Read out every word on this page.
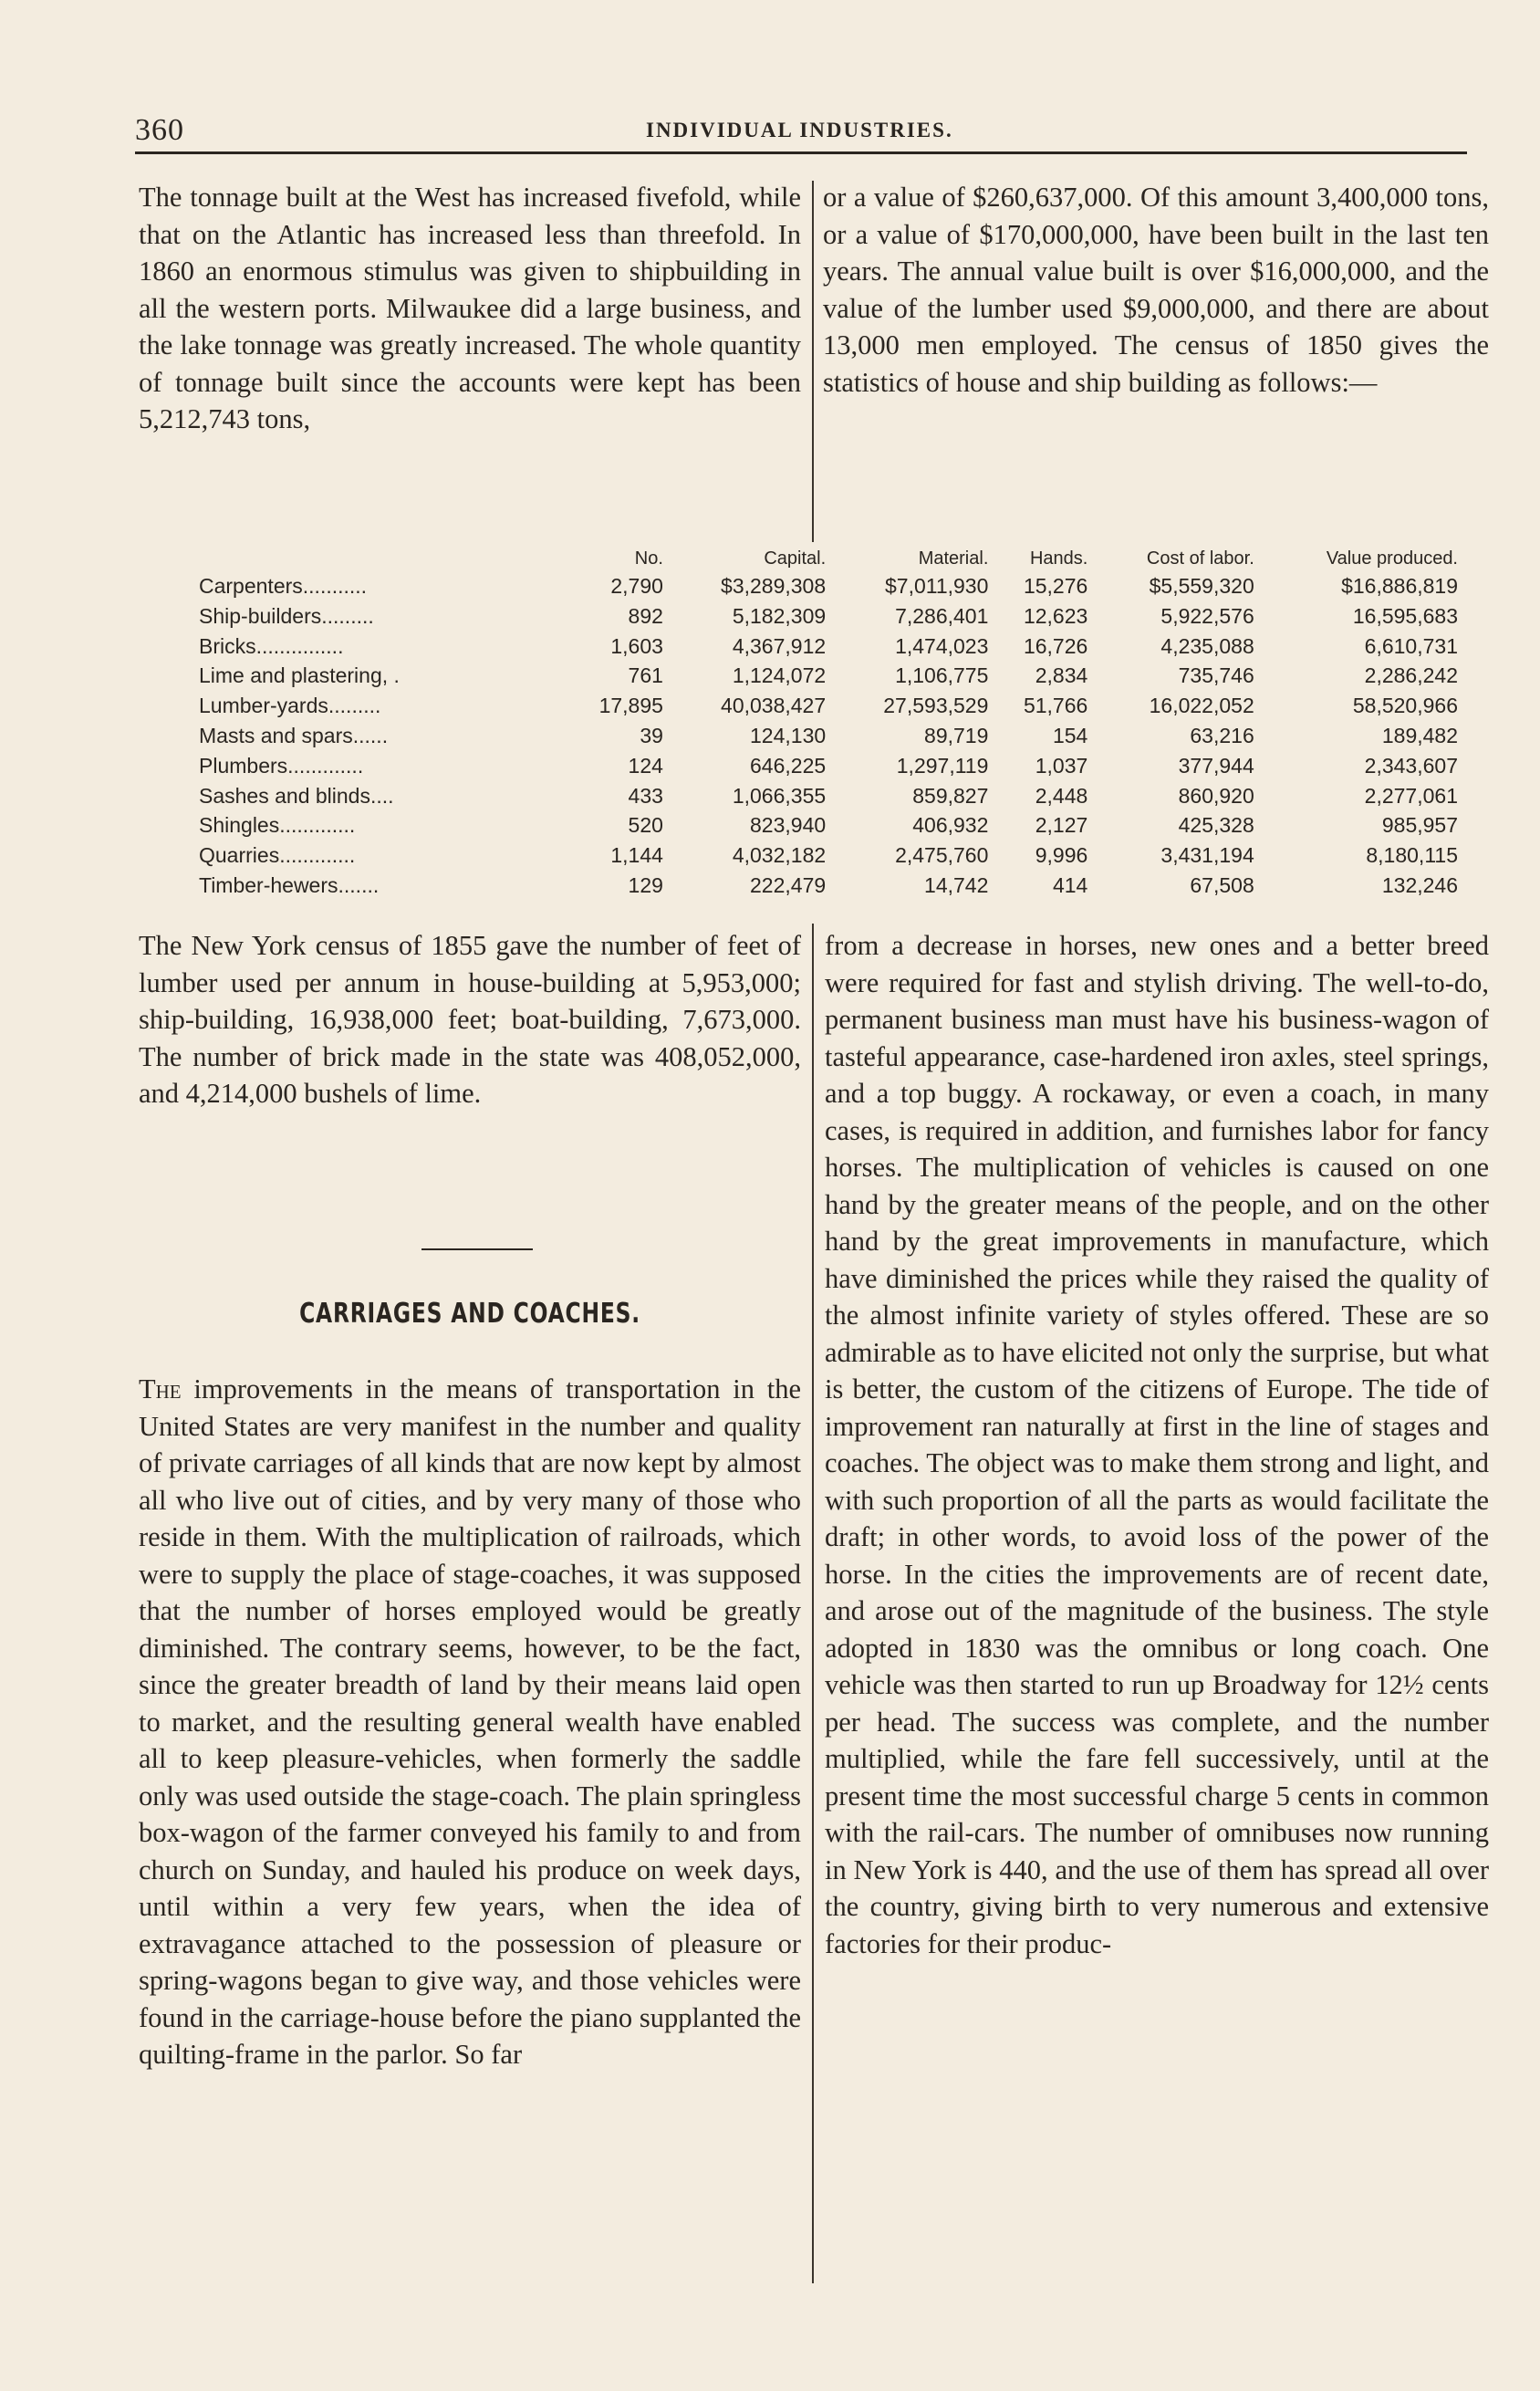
360	INDIVIDUAL INDUSTRIES.

The tonnage built at the West has increased fivefold, while that on the Atlantic has increased less than threefold. In 1860 an enormous stimulus was given to shipbuilding in all the western ports. Milwaukee did a large business, and the lake tonnage was greatly increased. The whole quantity of tonnage built since the accounts were kept has been 5,212,743 tons,

or a value of $260,637,000. Of this amount 3,400,000 tons, or a value of $170,000,000, have been built in the last ten years. The annual value built is over $16,000,000, and the value of the lumber used $9,000,000, and there are about 13,000 men employed. The census of 1850 gives the statistics of house and ship building as follows:—

	No.	Capital.	Material.	Hands.	Cost of labor.	Value produced.
Carpenters...........	2,790	$3,289,308	$7,011,930	15,276	$5,559,320	$16,886,819
Ship-builders.........	892	5,182,309	7,286,401	12,623	5,922,576	16,595,683
Bricks...............	1,603	4,367,912	1,474,023	16,726	4,235,088	6,610,731
Lime and plastering, .	761	1,124,072	1,106,775	2,834	735,746	2,286,242
Lumber-yards.........	17,895	40,038,427	27,593,529	51,766	16,022,052	58,520,966
Masts and spars......	39	124,130	89,719	154	63,216	189,482
Plumbers.............	124	646,225	1,297,119	1,037	377,944	2,343,607
Sashes and blinds....	433	1,066,355	859,827	2,448	860,920	2,277,061
Shingles.............	520	823,940	406,932	2,127	425,328	985,957
Quarries.............	1,144	4,032,182	2,475,760	9,996	3,431,194	8,180,115
Timber-hewers.......	129	222,479	14,742	414	67,508	132,246

The New York census of 1855 gave the number of feet of lumber used per annum in house-building at 5,953,000; ship-building, 16,938,000 feet; boat-building, 7,673,000. The number of brick made in the state was 408,052,000, and 4,214,000 bushels of lime.

CARRIAGES AND COACHES.

The improvements in the means of transportation in the United States are very manifest in the number and quality of private carriages of all kinds that are now kept by almost all who live out of cities, and by very many of those who reside in them. With the multiplication of railroads, which were to supply the place of stage-coaches, it was supposed that the number of horses employed would be greatly diminished. The contrary seems, however, to be the fact, since the greater breadth of land by their means laid open to market, and the resulting general wealth have enabled all to keep pleasure-vehicles, when formerly the saddle only was used outside the stage-coach. The plain springless box-wagon of the farmer conveyed his family to and from church on Sunday, and hauled his produce on week days, until within a very few years, when the idea of extravagance attached to the possession of pleasure or spring-wagons began to give way, and those vehicles were found in the carriage-house before the piano supplanted the quilting-frame in the parlor. So far

from a decrease in horses, new ones and a better breed were required for fast and stylish driving. The well-to-do, permanent business man must have his business-wagon of tasteful appearance, case-hardened iron axles, steel springs, and a top buggy. A rockaway, or even a coach, in many cases, is required in addition, and furnishes labor for fancy horses. The multiplication of vehicles is caused on one hand by the greater means of the people, and on the other hand by the great improvements in manufacture, which have diminished the prices while they raised the quality of the almost infinite variety of styles offered. These are so admirable as to have elicited not only the surprise, but what is better, the custom of the citizens of Europe. The tide of improvement ran naturally at first in the line of stages and coaches. The object was to make them strong and light, and with such proportion of all the parts as would facilitate the draft; in other words, to avoid loss of the power of the horse. In the cities the improvements are of recent date, and arose out of the magnitude of the business. The style adopted in 1830 was the omnibus or long coach. One vehicle was then started to run up Broadway for 12½ cents per head. The success was complete, and the number multiplied, while the fare fell successively, until at the present time the most successful charge 5 cents in common with the rail-cars. The number of omnibuses now running in New York is 440, and the use of them has spread all over the country, giving birth to very numerous and extensive factories for their produc-
